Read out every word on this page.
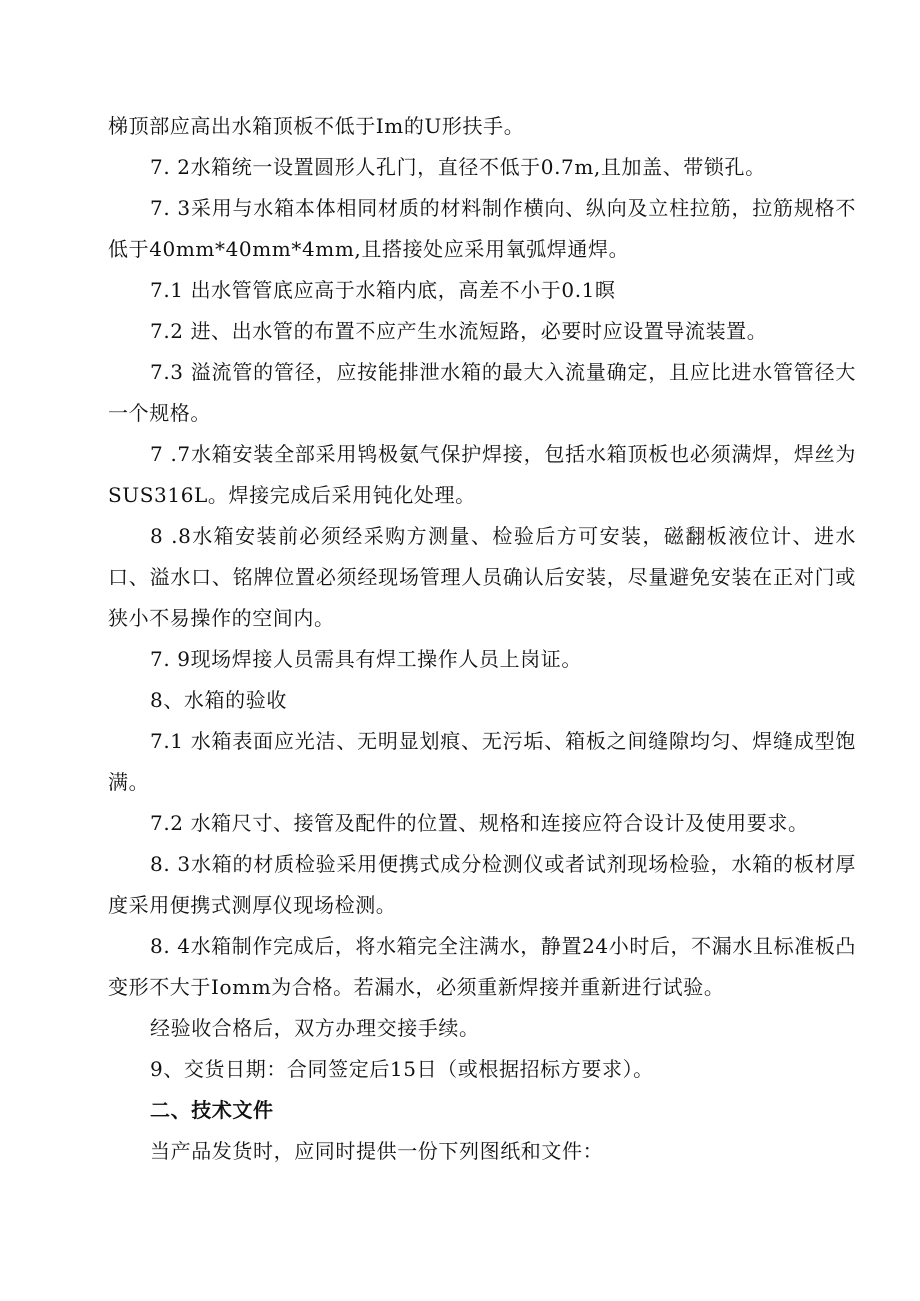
梯顶部应高出水箱顶板不低于Im的U形扶手。

7. 2水箱统一设置圆形人孔门，直径不低于0.7m,且加盖、带锁孔。

7. 3采用与水箱本体相同材质的材料制作横向、纵向及立柱拉筋，拉筋规格不低于40mm*40mm*4mm,且搭接处应采用氧弧焊通焊。

7.1 出水管管底应高于水箱内底，高差不小于0.1暝

7.2 进、出水管的布置不应产生水流短路，必要时应设置导流装置。

7.3 溢流管的管径，应按能排泄水箱的最大入流量确定，且应比进水管管径大一个规格。

7 .7水箱安装全部采用鸨极氨气保护焊接，包括水箱顶板也必须满焊，焊丝为SUS316L。焊接完成后采用钝化处理。

8 .8水箱安装前必须经采购方测量、检验后方可安装，磁翻板液位计、进水口、溢水口、铭牌位置必须经现场管理人员确认后安装，尽量避免安装在正对门或狭小不易操作的空间内。

7. 9现场焊接人员需具有焊工操作人员上岗证。

8、水箱的验收

7.1 水箱表面应光洁、无明显划痕、无污垢、箱板之间缝隙均匀、焊缝成型饱满。

7.2 水箱尺寸、接管及配件的位置、规格和连接应符合设计及使用要求。

8. 3水箱的材质检验采用便携式成分检测仪或者试剂现场检验，水箱的板材厚度采用便携式测厚仪现场检测。

8. 4水箱制作完成后，将水箱完全注满水，静置24小时后，不漏水且标准板凸变形不大于Iomm为合格。若漏水，必须重新焊接并重新进行试验。

经验收合格后，双方办理交接手续。

9、交货日期：合同签定后15日（或根据招标方要求）。

二、技术文件

当产品发货时，应同时提供一份下列图纸和文件：
